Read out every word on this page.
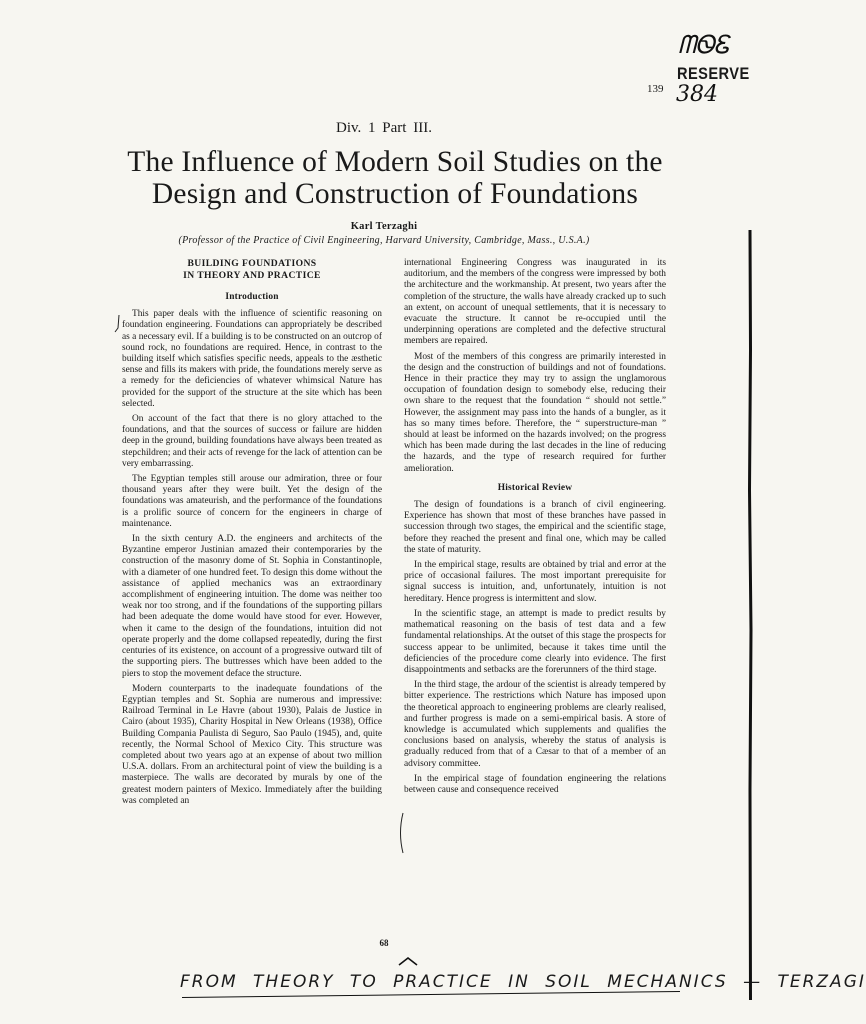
ᗰᏫᏋ
RESERVE
384
139
Div. 1 Part III.
The Influence of Modern Soil Studies on the Design and Construction of Foundations
Karl Terzaghi
(Professor of the Practice of Civil Engineering, Harvard University, Cambridge, Mass., U.S.A.)
BUILDING FOUNDATIONS
IN THEORY AND PRACTICE
Introduction

This paper deals with the influence of scientific reasoning on foundation engineering. Foundations can appropriately be described as a necessary evil. If a building is to be constructed on an outcrop of sound rock, no foundations are required. Hence, in contrast to the building itself which satisfies specific needs, appeals to the æsthetic sense and fills its makers with pride, the foundations merely serve as a remedy for the deficiencies of whatever whimsical Nature has provided for the support of the structure at the site which has been selected.

On account of the fact that there is no glory attached to the foundations, and that the sources of success or failure are hidden deep in the ground, building foundations have always been treated as stepchildren; and their acts of revenge for the lack of attention can be very embarrassing.

The Egyptian temples still arouse our admiration, three or four thousand years after they were built. Yet the design of the foundations was amateurish, and the performance of the foundations is a prolific source of concern for the engineers in charge of maintenance.

In the sixth century A.D. the engineers and architects of the Byzantine emperor Justinian amazed their contemporaries by the construction of the masonry dome of St. Sophia in Constantinople, with a diameter of one hundred feet. To design this dome without the assistance of applied mechanics was an extraordinary accomplishment of engineering intuition. The dome was neither too weak nor too strong, and if the foundations of the supporting pillars had been adequate the dome would have stood for ever. However, when it came to the design of the foundations, intuition did not operate properly and the dome collapsed repeatedly, during the first centuries of its existence, on account of a progressive outward tilt of the supporting piers. The buttresses which have been added to the piers to stop the movement deface the structure.

Modern counterparts to the inadequate foundations of the Egyptian temples and St. Sophia are numerous and impressive: Railroad Terminal in Le Havre (about 1930), Palais de Justice in Cairo (about 1935), Charity Hospital in New Orleans (1938), Office Building Compania Paulista di Seguro, Sao Paulo (1945), and, quite recently, the Normal School of Mexico City. This structure was completed about two years ago at an expense of about two million U.S.A. dollars. From an architectural point of view the building is a masterpiece. The walls are decorated by murals by one of the greatest modern painters of Mexico. Immediately after the building was completed an

international Engineering Congress was inaugurated in its auditorium, and the members of the congress were impressed by both the architecture and the workmanship. At present, two years after the completion of the structure, the walls have already cracked up to such an extent, on account of unequal settlements, that it is necessary to evacuate the structure. It cannot be re-occupied until the underpinning operations are completed and the defective structural members are repaired.

Most of the members of this congress are primarily interested in the design and the construction of buildings and not of foundations. Hence in their practice they may try to assign the unglamorous occupation of foundation design to somebody else, reducing their own share to the request that the foundation “ should not settle.” However, the assignment may pass into the hands of a bungler, as it has so many times before. Therefore, the “ superstructure-man ” should at least be informed on the hazards involved; on the progress which has been made during the last decades in the line of reducing the hazards, and the type of research required for further amelioration.

Historical Review

The design of foundations is a branch of civil engineering. Experience has shown that most of these branches have passed in succession through two stages, the empirical and the scientific stage, before they reached the present and final one, which may be called the state of maturity.

In the empirical stage, results are obtained by trial and error at the price of occasional failures. The most important prerequisite for signal success is intuition, and, unfortunately, intuition is not hereditary. Hence progress is intermittent and slow.

In the scientific stage, an attempt is made to predict results by mathematical reasoning on the basis of test data and a few fundamental relationships. At the outset of this stage the prospects for success appear to be unlimited, because it takes time until the deficiencies of the procedure come clearly into evidence. The first disappointments and setbacks are the forerunners of the third stage.

In the third stage, the ardour of the scientist is already tempered by bitter experience. The restrictions which Nature has imposed upon the theoretical approach to engineering problems are clearly realised, and further progress is made on a semi-empirical basis. A store of knowledge is accumulated which supplements and qualifies the conclusions based on analysis, whereby the status of analysis is gradually reduced from that of a Cæsar to that of a member of an advisory committee.

In the empirical stage of foundation engineering the relations between cause and consequence received

68
FROM THEORY TO PRACTICE IN SOIL MECHANICS — TERZAGI
